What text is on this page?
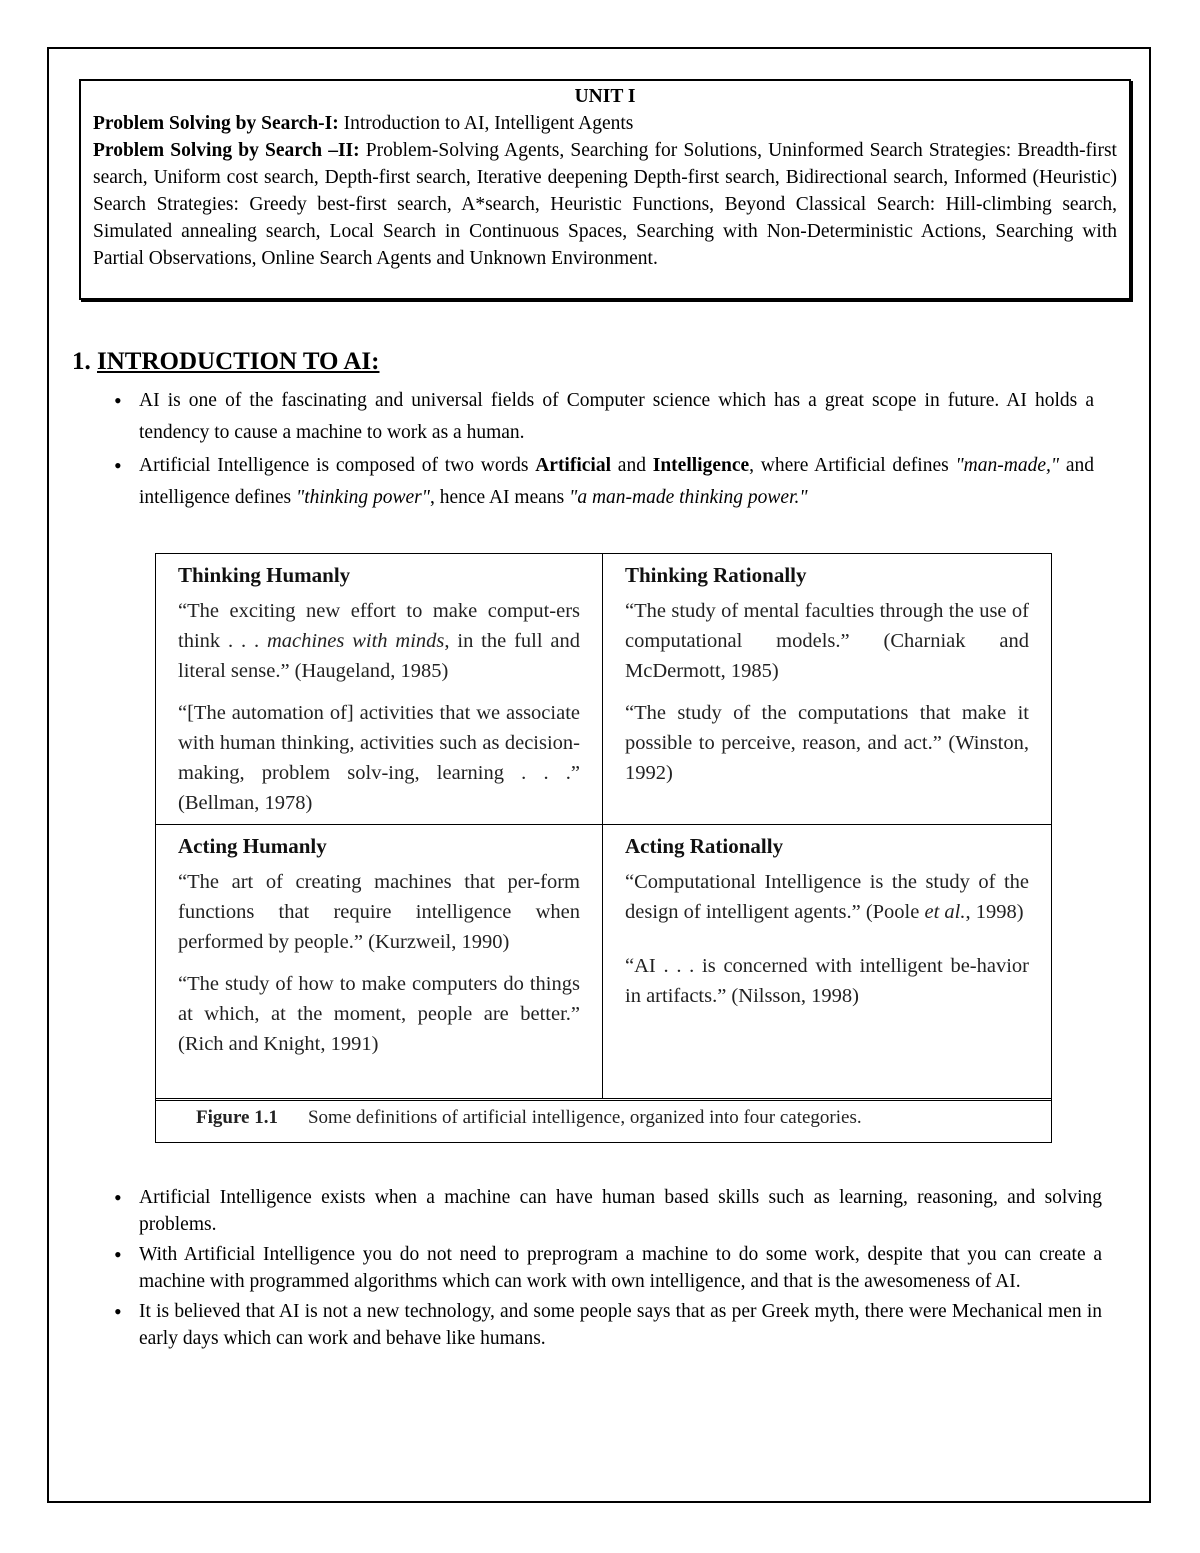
UNIT I
Problem Solving by Search-I: Introduction to AI, Intelligent Agents
Problem Solving by Search –II: Problem-Solving Agents, Searching for Solutions, Uninformed Search Strategies: Breadth-first search, Uniform cost search, Depth-first search, Iterative deepening Depth-first search, Bidirectional search, Informed (Heuristic) Search Strategies: Greedy best-first search, A*search, Heuristic Functions, Beyond Classical Search: Hill-climbing search, Simulated annealing search, Local Search in Continuous Spaces, Searching with Non-Deterministic Actions, Searching with Partial Observations, Online Search Agents and Unknown Environment.
1. INTRODUCTION TO AI:
• AI is one of the fascinating and universal fields of Computer science which has a great scope in future. AI holds a tendency to cause a machine to work as a human.
• Artificial Intelligence is composed of two words Artificial and Intelligence, where Artificial defines "man-made," and intelligence defines "thinking power", hence AI means "a man-made thinking power."
Thinking Humanly

“The exciting new effort to make comput-ers think . . . machines with minds, in the full and literal sense.” (Haugeland, 1985)

“[The automation of] activities that we associate with human thinking, activities such as decision-making, problem solv-ing, learning . . .” (Bellman, 1978)

Thinking Rationally

“The study of mental faculties through the use of computational models.” (Charniak and McDermott, 1985)

“The study of the computations that make it possible to perceive, reason, and act.” (Winston, 1992)

Acting Humanly

“The art of creating machines that per-form functions that require intelligence when performed by people.” (Kurzweil, 1990)

“The study of how to make computers do things at which, at the moment, people are better.” (Rich and Knight, 1991)

Acting Rationally

“Computational Intelligence is the study of the design of intelligent agents.” (Poole et al., 1998)

“AI . . . is concerned with intelligent be-havior in artifacts.” (Nilsson, 1998)

Figure 1.1 Some definitions of artificial intelligence, organized into four categories.
• Artificial Intelligence exists when a machine can have human based skills such as learning, reasoning, and solving problems.
• With Artificial Intelligence you do not need to preprogram a machine to do some work, despite that you can create a machine with programmed algorithms which can work with own intelligence, and that is the awesomeness of AI.
• It is believed that AI is not a new technology, and some people says that as per Greek myth, there were Mechanical men in early days which can work and behave like humans.
